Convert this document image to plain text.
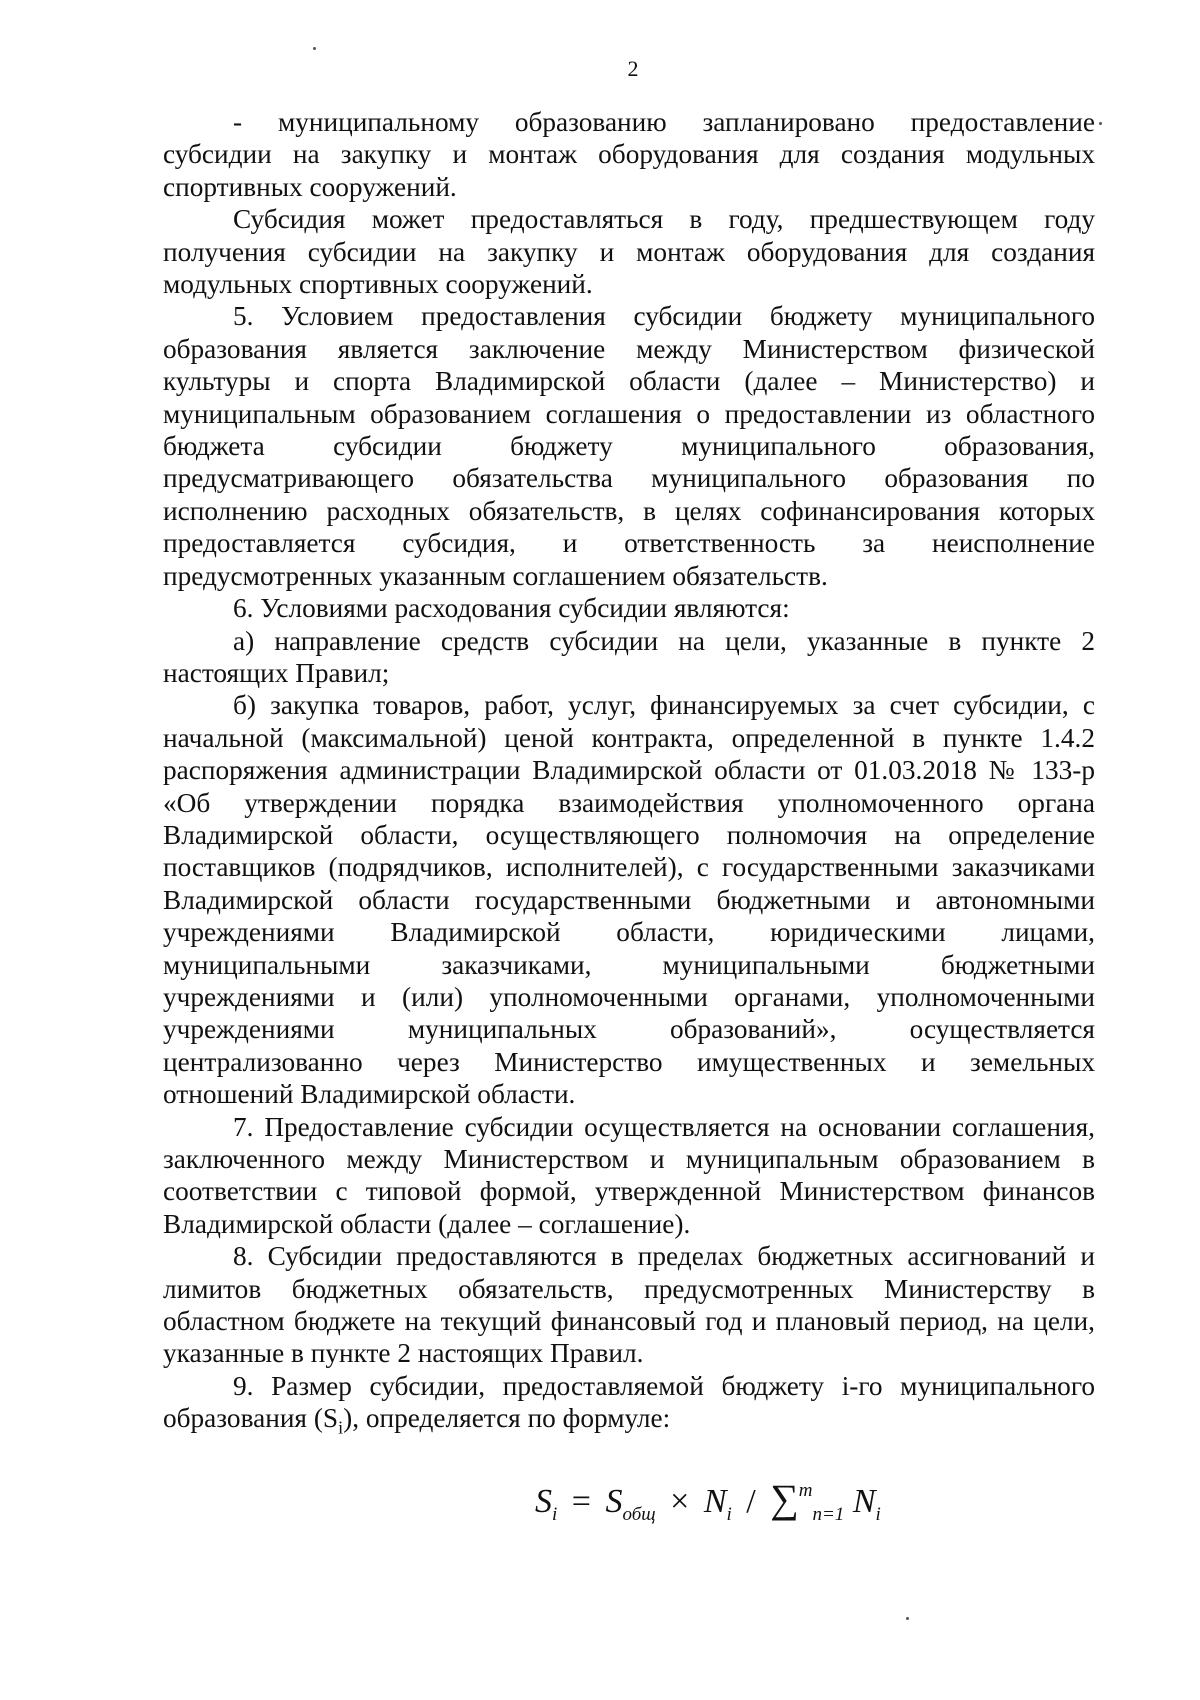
2
- муниципальному образованию запланировано предоставление
субсидии на закупку и монтаж оборудования для создания модульных
спортивных сооружений.
Субсидия может предоставляться в году, предшествующем году
получения субсидии на закупку и монтаж оборудования для создания
модульных спортивных сооружений.
5. Условием предоставления субсидии бюджету муниципального
образования является заключение между Министерством физической
культуры и спорта Владимирской области (далее – Министерство) и
муниципальным образованием соглашения о предоставлении из областного
бюджета субсидии бюджету муниципального образования,
предусматривающего обязательства муниципального образования по
исполнению расходных обязательств, в целях софинансирования которых
предоставляется субсидия, и ответственность за неисполнение
предусмотренных указанным соглашением обязательств.
6. Условиями расходования субсидии являются:
а) направление средств субсидии на цели, указанные в пункте 2
настоящих Правил;
б) закупка товаров, работ, услуг, финансируемых за счет субсидии, с
начальной (максимальной) ценой контракта, определенной в пункте 1.4.2
распоряжения администрации Владимирской области от 01.03.2018 № 133-р
«Об утверждении порядка взаимодействия уполномоченного органа
Владимирской области, осуществляющего полномочия на определение
поставщиков (подрядчиков, исполнителей), с государственными заказчиками
Владимирской области государственными бюджетными и автономными
учреждениями Владимирской области, юридическими лицами,
муниципальными заказчиками, муниципальными бюджетными
учреждениями и (или) уполномоченными органами, уполномоченными
учреждениями муниципальных образований», осуществляется
централизованно через Министерство имущественных и земельных
отношений Владимирской области.
7. Предоставление субсидии осуществляется на основании соглашения,
заключенного между Министерством и муниципальным образованием в
соответствии с типовой формой, утвержденной Министерством финансов
Владимирской области (далее – соглашение).
8. Субсидии предоставляются в пределах бюджетных ассигнований и
лимитов бюджетных обязательств, предусмотренных Министерству в
областном бюджете на текущий финансовый год и плановый период, на цели,
указанные в пункте 2 настоящих Правил.
9. Размер субсидии, предоставляемой бюджету i-го муниципального
образования $(S_i)$, определяется по формуле:
$S_i = S_{общ} \times N_i / \sum^m_{n=1}$ $N_i$
